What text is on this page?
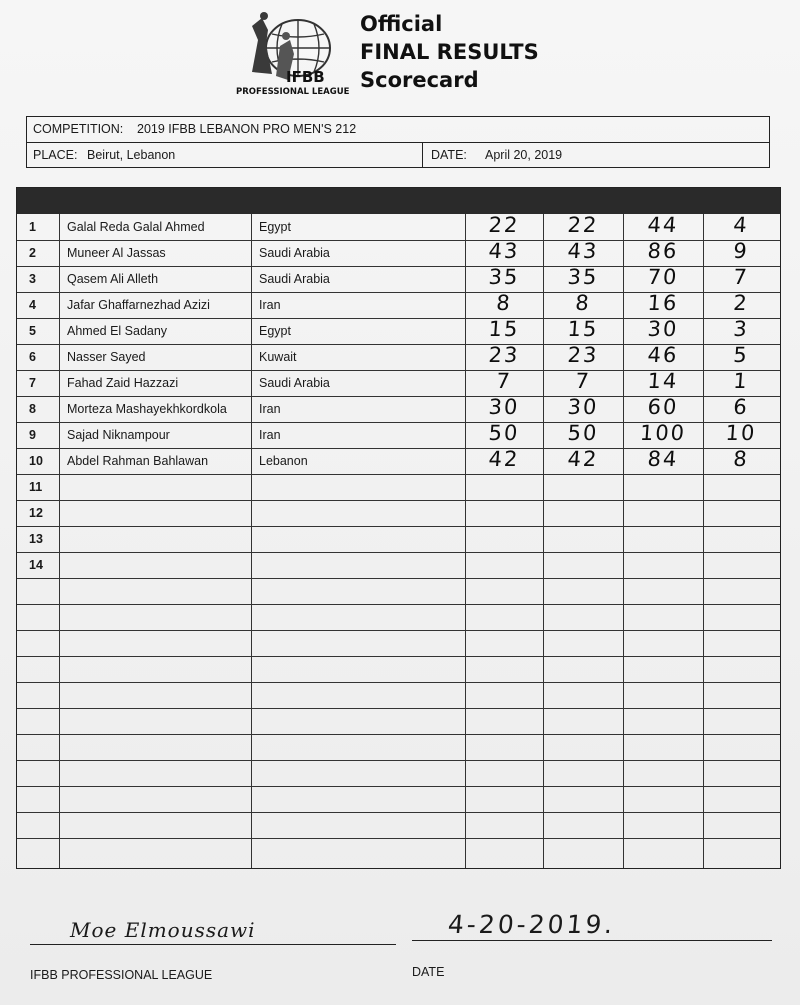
IFBB
PROFESSIONAL LEAGUE
Official
FINAL RESULTS
Scorecard
COMPETITION: 2019 IFBB LEBANON PRO MEN'S 212
PLACE: Beirut, Lebanon	DATE: April 20, 2019
1 Galal Reda Galal Ahmed	Egypt	22	22	44	4
2 Muneer Al Jassas	Saudi Arabia	43	43	86	9
3 Qasem Ali Alleth	Saudi Arabia	35	35	70	7
4 Jafar Ghaffarnezhad Azizi	Iran	8	8	16	2
5 Ahmed El Sadany	Egypt	15	15	30	3
6 Nasser Sayed	Kuwait	23	23	46	5
7 Fahad Zaid Hazzazi	Saudi Arabia	7	7	14	1
8 Morteza Mashayekhkordkola	Iran	30	30	60	6
9 Sajad Niknampour	Iran	50	50	100	10
10 Abdel Rahman Bahlawan	Lebanon	42	42	84	8
11
12
13
14
Moe Elmoussawi
IFBB PROFESSIONAL LEAGUE
4-20-2019.
DATE
